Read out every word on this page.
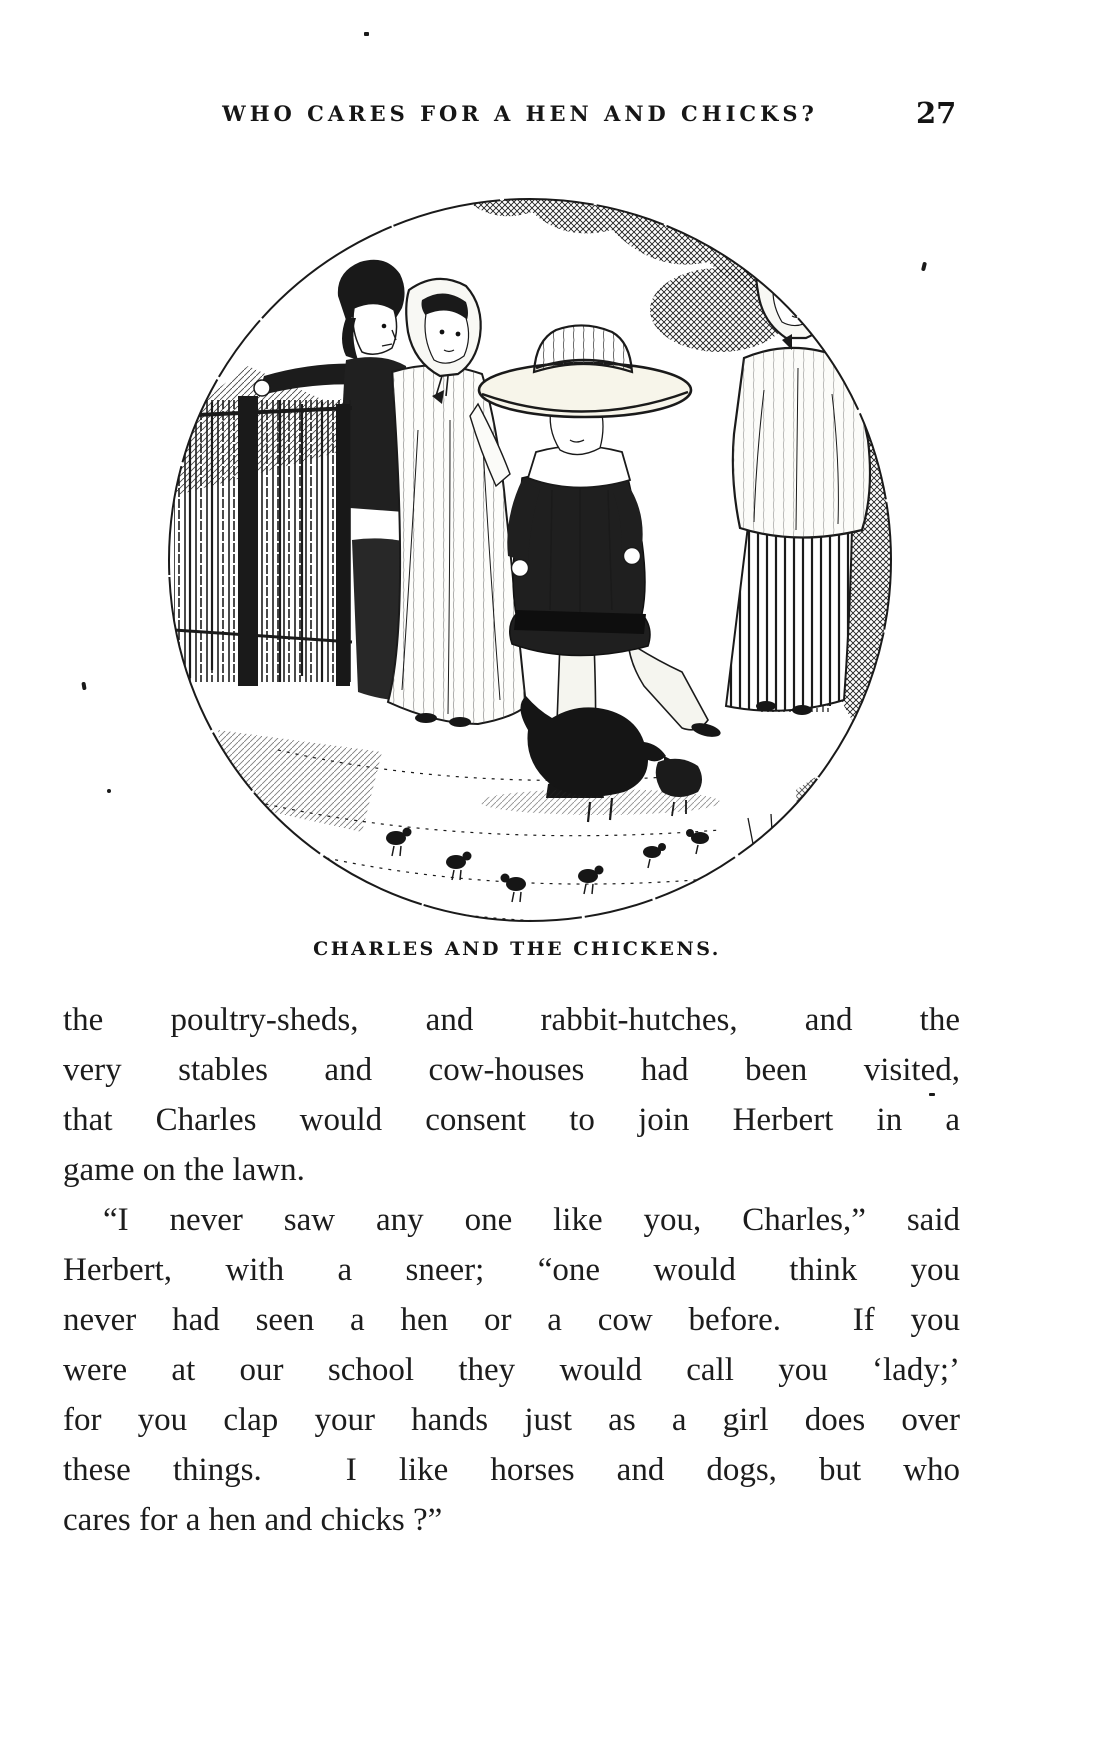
WHO CARES FOR A HEN AND CHICKS?	27
CHARLES AND THE CHICKENS.
the poultry-sheds, and rabbit-hutches, and the
very stables and cow-houses had been visited,
that Charles would consent to join Herbert in a
game on the lawn.
“I never saw any one like you, Charles,” said
Herbert, with a sneer; “one would think you
never had seen a hen or a cow before.  If you
were at our school they would call you ‘lady;’
for you clap your hands just as a girl does over
these things.  I like horses and dogs, but who
cares for a hen and chicks ?”
